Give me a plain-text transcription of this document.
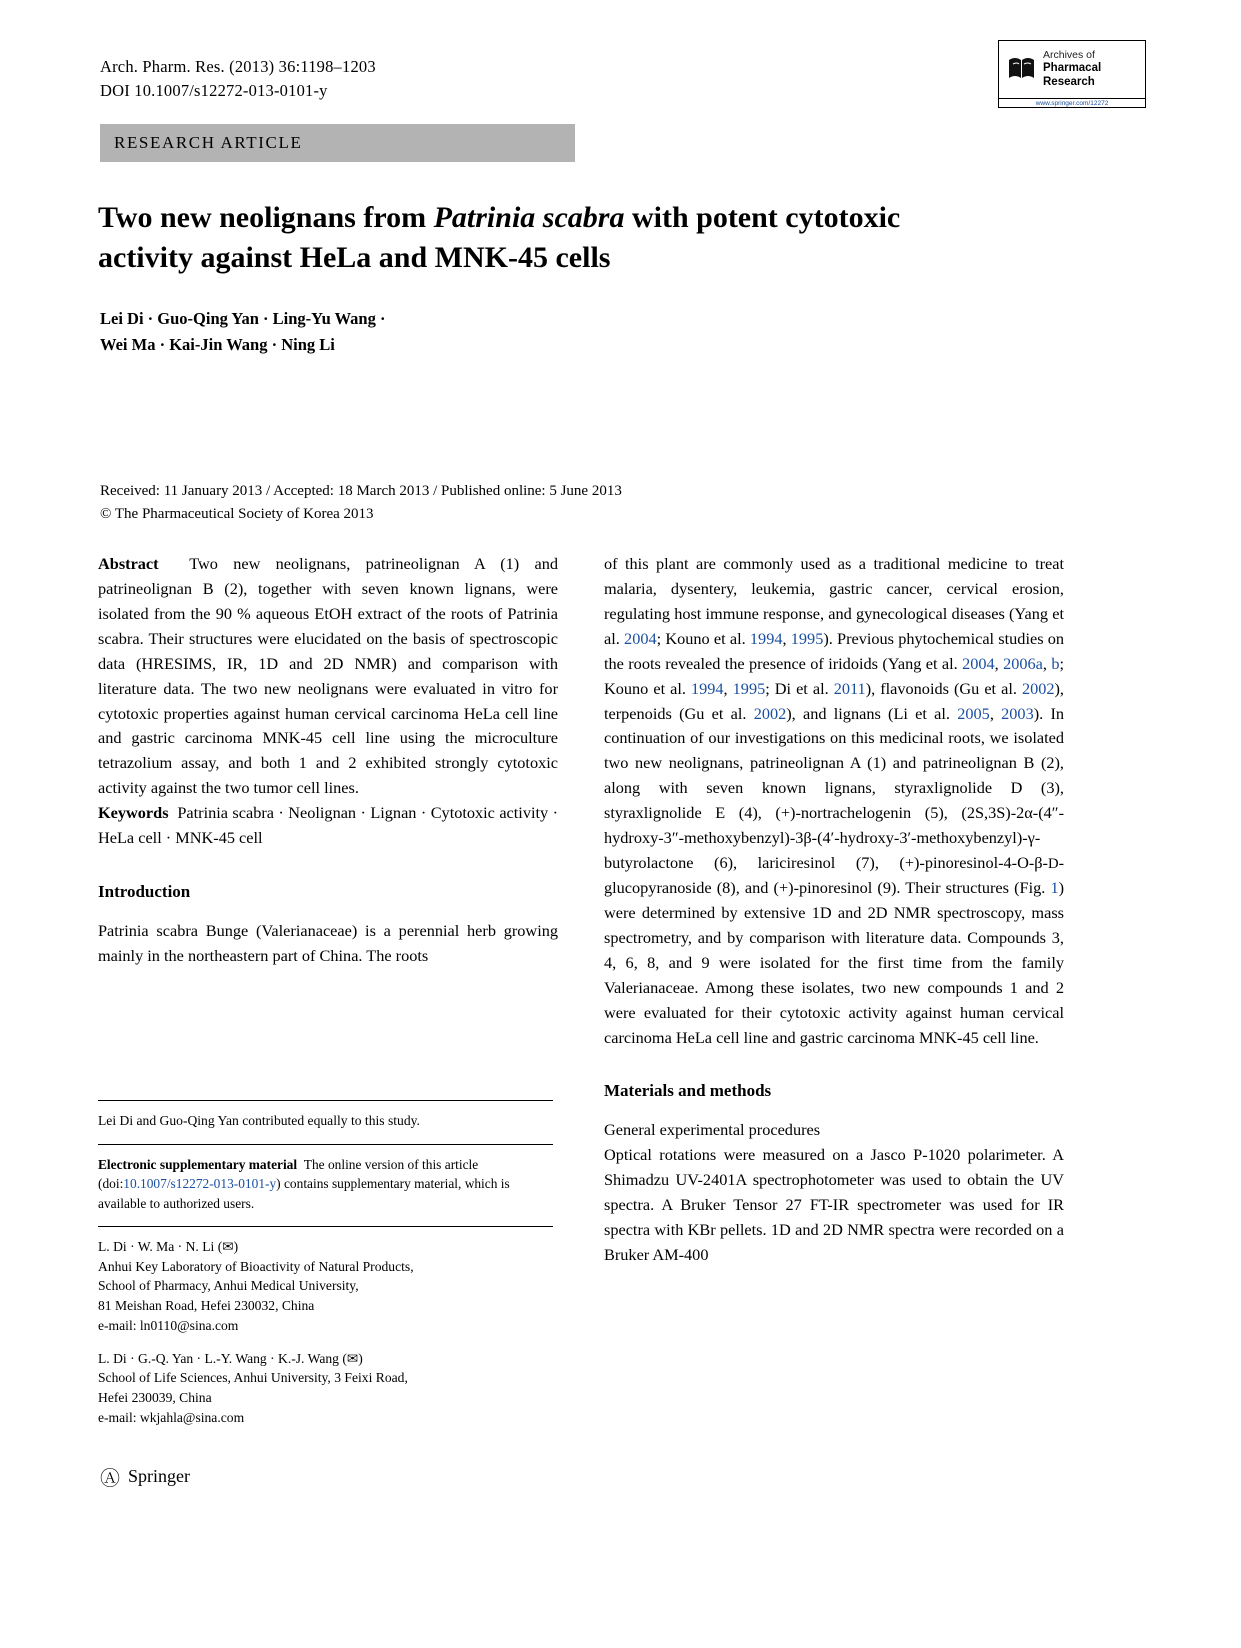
Arch. Pharm. Res. (2013) 36:1198–1203
DOI 10.1007/s12272-013-0101-y
Archives of
Pharmacal
Research
www.springer.com/12272
RESEARCH ARTICLE
Two new neolignans from Patrinia scabra with potent cytotoxic activity against HeLa and MNK-45 cells
Lei Di · Guo-Qing Yan · Ling-Yu Wang ·
Wei Ma · Kai-Jin Wang · Ning Li
Received: 11 January 2013 / Accepted: 18 March 2013 / Published online: 5 June 2013
© The Pharmaceutical Society of Korea 2013

Abstract Two new neolignans, patrineolignan A (1) and patrineolignan B (2), together with seven known lignans, were isolated from the 90 % aqueous EtOH extract of the roots of Patrinia scabra. Their structures were elucidated on the basis of spectroscopic data (HRESIMS, IR, 1D and 2D NMR) and comparison with literature data. The two new neolignans were evaluated in vitro for cytotoxic properties against human cervical carcinoma HeLa cell line and gastric carcinoma MNK-45 cell line using the microculture tetrazolium assay, and both 1 and 2 exhibited strongly cytotoxic activity against the two tumor cell lines.

Keywords Patrinia scabra · Neolignan · Lignan · Cytotoxic activity · HeLa cell · MNK-45 cell

Introduction

Patrinia scabra Bunge (Valerianaceae) is a perennial herb growing mainly in the northeastern part of China. The roots

Lei Di and Guo-Qing Yan contributed equally to this study.
Electronic supplementary material The online version of this article (doi:10.1007/s12272-013-0101-y) contains supplementary material, which is available to authorized users.
L. Di · W. Ma · N. Li (✉)
Anhui Key Laboratory of Bioactivity of Natural Products,
School of Pharmacy, Anhui Medical University,
81 Meishan Road, Hefei 230032, China
e-mail: ln0110@sina.com
L. Di · G.-Q. Yan · L.-Y. Wang · K.-J. Wang (✉)
School of Life Sciences, Anhui University, 3 Feixi Road,
Hefei 230039, China
e-mail: wkjahla@sina.com
Ⓐ Springer

of this plant are commonly used as a traditional medicine to treat malaria, dysentery, leukemia, gastric cancer, cervical erosion, regulating host immune response, and gynecological diseases (Yang et al. 2004; Kouno et al. 1994, 1995). Previous phytochemical studies on the roots revealed the presence of iridoids (Yang et al. 2004, 2006a, b; Kouno et al. 1994, 1995; Di et al. 2011), flavonoids (Gu et al. 2002), terpenoids (Gu et al. 2002), and lignans (Li et al. 2005, 2003). In continuation of our investigations on this medicinal roots, we isolated two new neolignans, patrineolignan A (1) and patrineolignan B (2), along with seven known lignans, styraxlignolide D (3), styraxlignolide E (4), (+)-nortrachelogenin (5), (2S,3S)-2α-(4″-hydroxy-3″-methoxybenzyl)-3β-(4′-hydroxy-3′-methoxybenzyl)-γ-butyrolactone (6), lariciresinol (7), (+)-pinoresinol-4-O-β-D-glucopyranoside (8), and (+)-pinoresinol (9). Their structures (Fig. 1) were determined by extensive 1D and 2D NMR spectroscopy, mass spectrometry, and by comparison with literature data. Compounds 3, 4, 6, 8, and 9 were isolated for the first time from the family Valerianaceae. Among these isolates, two new compounds 1 and 2 were evaluated for their cytotoxic activity against human cervical carcinoma HeLa cell line and gastric carcinoma MNK-45 cell line.

Materials and methods

General experimental procedures

Optical rotations were measured on a Jasco P-1020 polarimeter. A Shimadzu UV-2401A spectrophotometer was used to obtain the UV spectra. A Bruker Tensor 27 FT-IR spectrometer was used for IR spectra with KBr pellets. 1D and 2D NMR spectra were recorded on a Bruker AM-400
